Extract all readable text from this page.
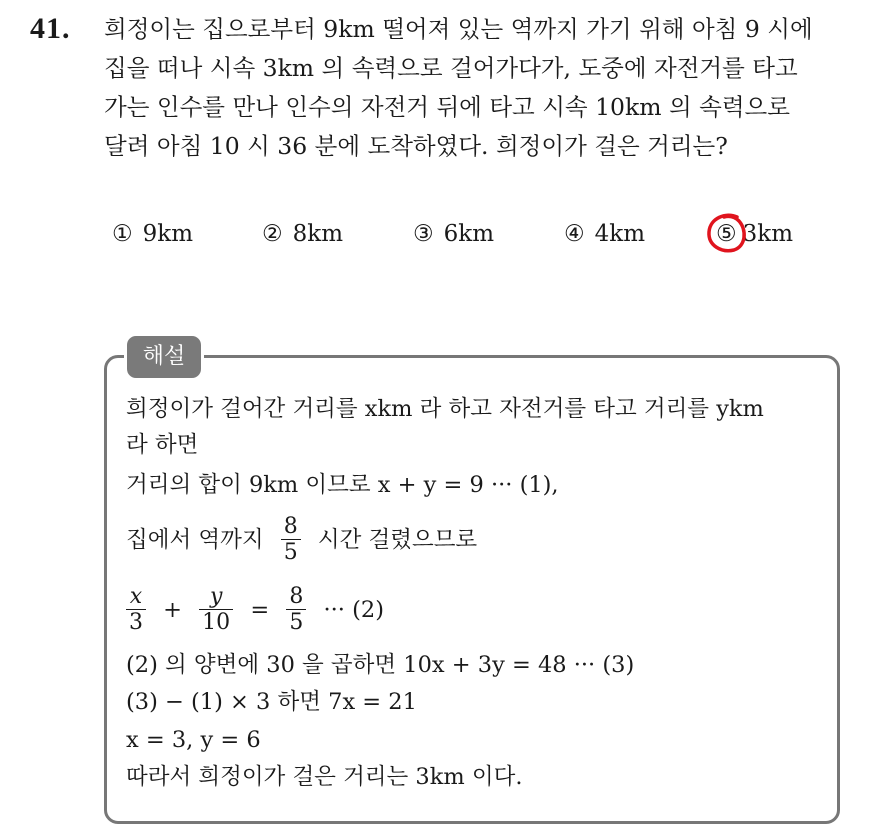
41. 희정이는 집으로부터 9km 떨어져 있는 역까지 가기 위해 아침 9 시에
집을 떠나 시속 3km 의 속력으로 걸어가다가, 도중에 자전거를 타고
가는 인수를 만나 인수의 자전거 뒤에 타고 시속 10km 의 속력으로
달려 아침 10 시 36 분에 도착하였다. 희정이가 걸은 거리는?
① 9km	② 8km	③ 6km	④ 4km	⑤ 3km
해설
희정이가 걸어간 거리를 xkm 라 하고 자전거를 타고 거리를 ykm
라 하면
거리의 합이 9km 이므로 x + y = 9 ··· (1),
집에서 역까지 $\frac{8}{5}$ 시간 걸렸으므로
$\frac{x}{3} + \frac{y}{10} = \frac{8}{5}$ ··· (2)
(2) 의 양변에 30 을 곱하면 10x + 3y = 48 ··· (3)
(3) − (1) × 3 하면 7x = 21
x = 3, y = 6
따라서 희정이가 걸은 거리는 3km 이다.
